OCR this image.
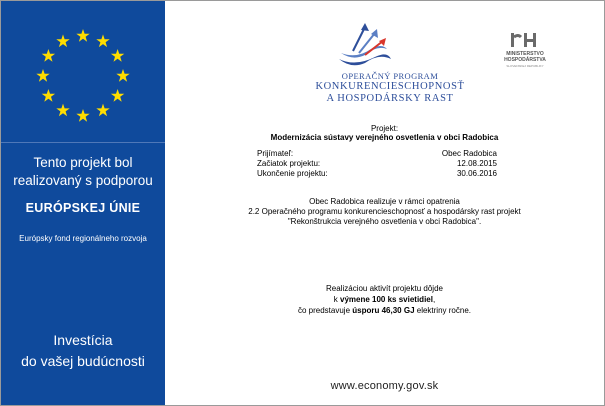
Tento projekt bol
realizovaný s podporou
EURÓPSKEJ ÚNIE
Európsky fond regionálneho rozvoja
Investícia
do vašej budúcnosti
OPERAČNÝ PROGRAM
KONKURENCIESCHOPNOSŤ
A HOSPODÁRSKY RAST
MINISTERSTVO
HOSPODÁRSTVA
SLOVENSKEJ REPUBLIKY
Projekt:
Modernizácia sústavy verejného osvetlenia v obci Radobica
Prijímateľ:	Obec Radobica
Začiatok projektu:	12.08.2015
Ukončenie projektu:	30.06.2016
Obec Radobica realizuje v rámci opatrenia
2.2 Operačného programu konkurencieschopnosť a hospodársky rast projekt
"Rekonštrukcia verejného osvetlenia v obci Radobica".
Realizáciou aktivít projektu dôjde
k výmene 100 ks svietidiel,
čo predstavuje úsporu 46,30 GJ elektriny ročne.
www.economy.gov.sk
